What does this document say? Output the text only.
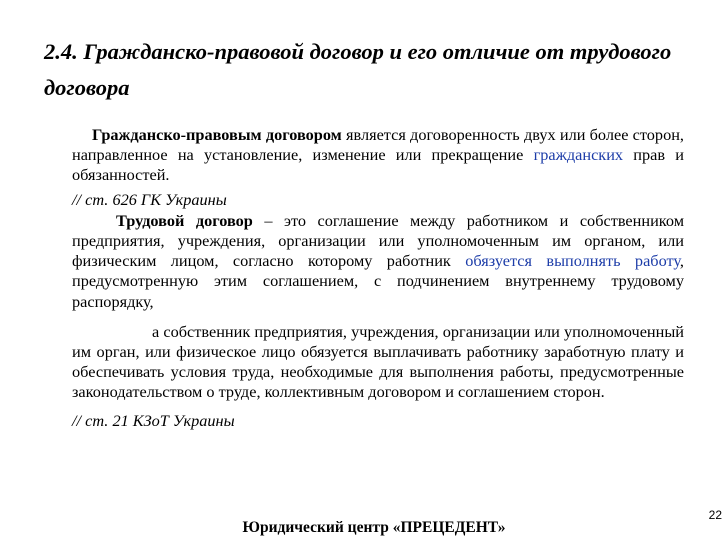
2.4. Гражданско-правовой договор и его отличие от трудового договора

Гражданско-правовым договором является договоренность двух или более сторон, направленное на установление, изменение или прекращение гражданских прав и обязанностей.

// ст. 626 ГК Украины

Трудовой договор – это соглашение между работником и собственником предприятия, учреждения, организации или уполномоченным им органом, или физическим лицом, согласно которому работник обязуется выполнять работу, предусмотренную этим соглашением, с подчинением внутреннему трудовому распорядку,

а собственник предприятия, учреждения, организации или уполномоченный им орган, или физическое лицо обязуется выплачивать работнику заработную плату и обеспечивать условия труда, необходимые для выполнения работы, предусмотренные законодательством о труде, коллективным договором и соглашением сторон.

// ст. 21 КЗоТ Украины

22
Юридический центр «ПРЕЦЕДЕНТ»
